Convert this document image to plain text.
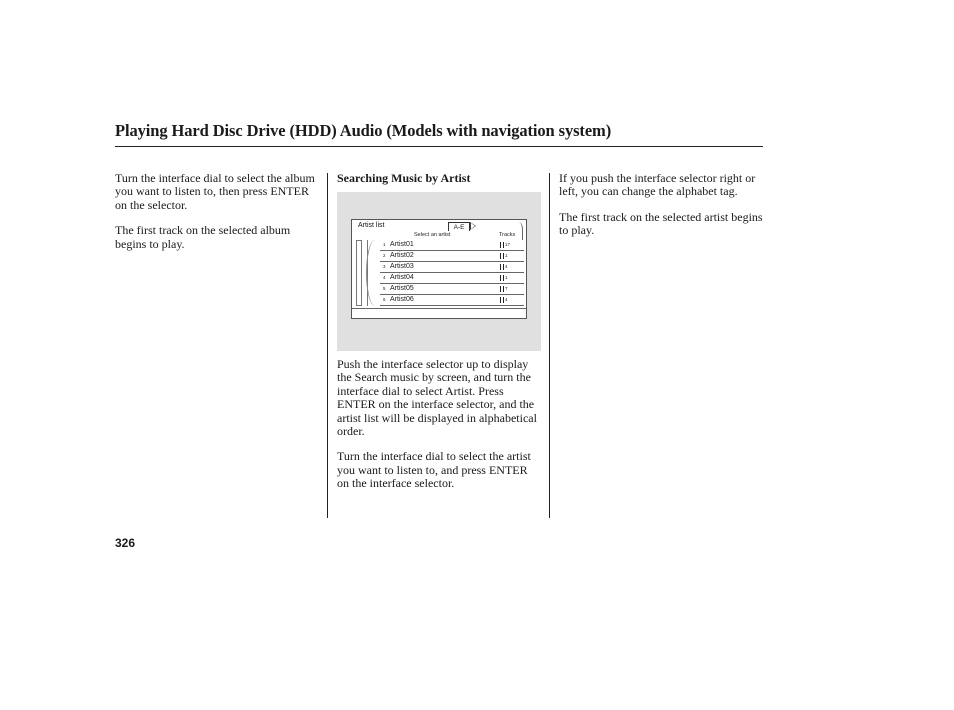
Playing Hard Disc Drive (HDD) Audio (Models with navigation system)

Turn the interface dial to select the album you want to listen to, then press ENTER on the selector.

The first track on the selected album begins to play.

Searching Music by Artist

Push the interface selector up to display the Search music by screen, and turn the interface dial to select Artist. Press ENTER on the interface selector, and the artist list will be displayed in alphabetical order.

Turn the interface dial to select the artist you want to listen to, and press ENTER on the interface selector.

If you push the interface selector right or left, you can change the alphabet tag.

The first track on the selected artist begins to play.

Artist list	A-E
Select an artist	Tracks
1 Artist01	17
2 Artist02	1
3 Artist03	4
4 Artist04	1
5 Artist05	7
6 Artist06	4
326
